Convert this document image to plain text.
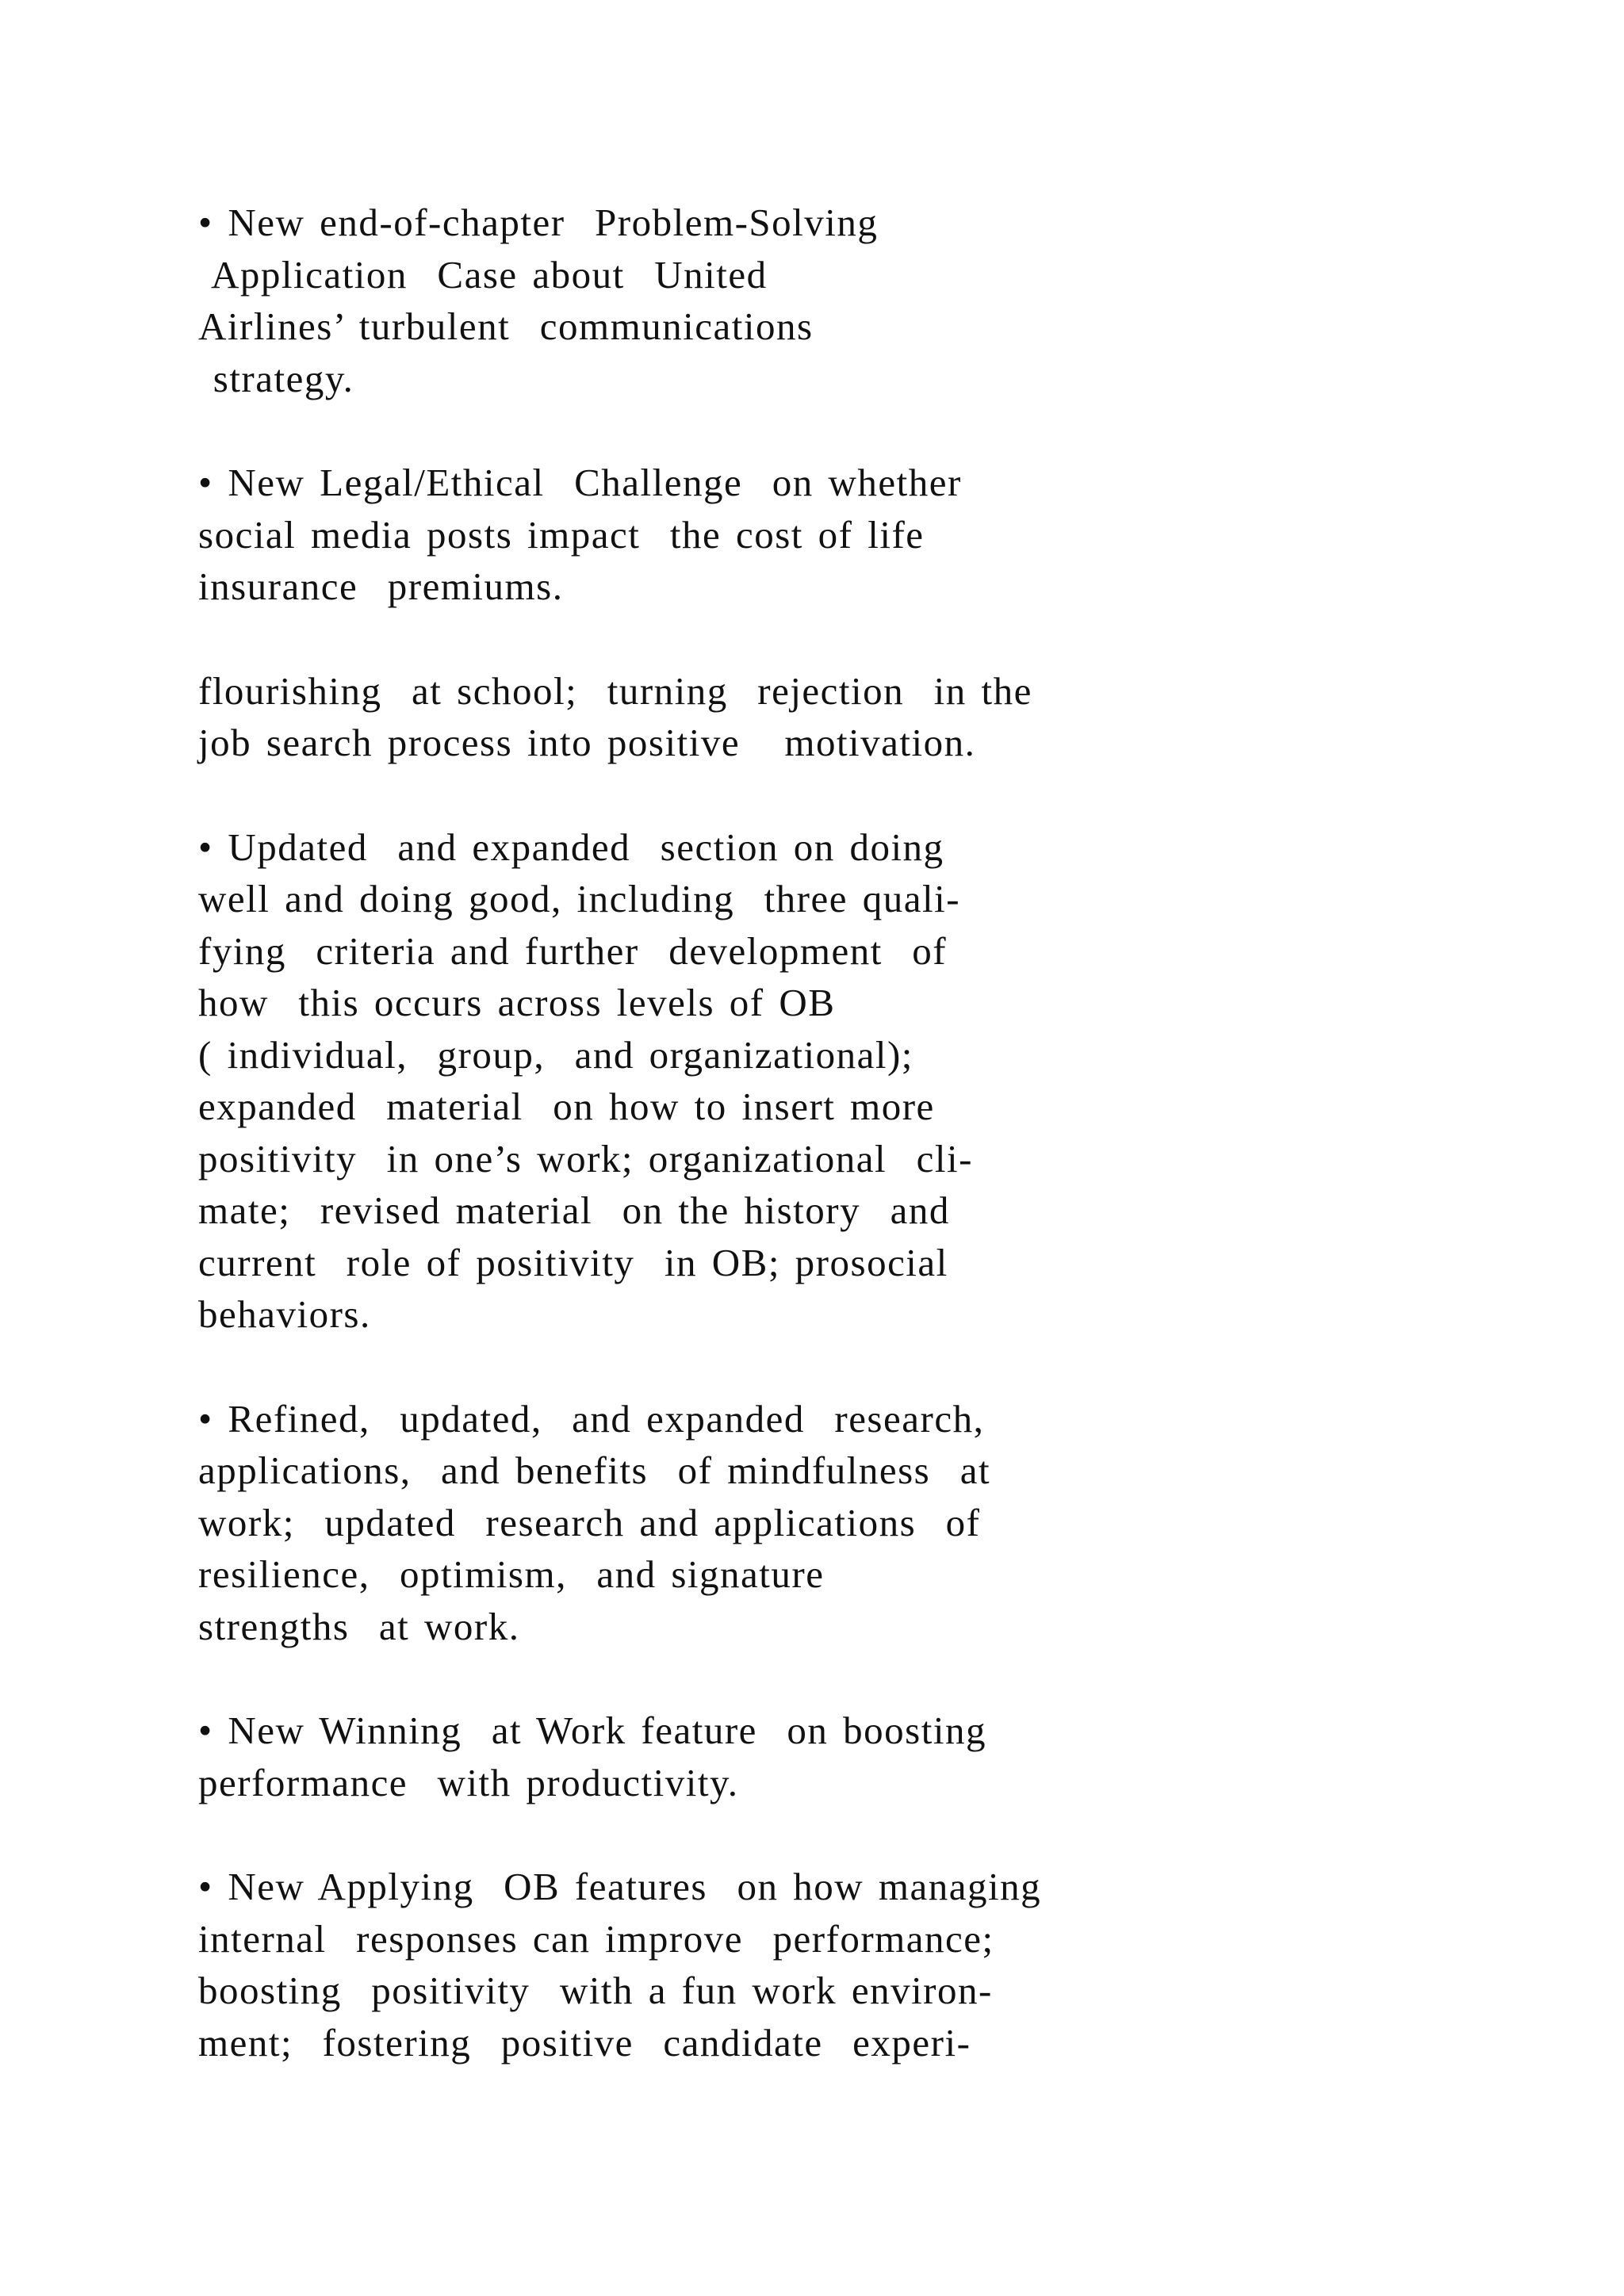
• New end-of-chapter  Problem-Solving
Application  Case about  United
Airlines’ turbulent  communications
strategy.

• New Legal/Ethical  Challenge  on whether
social media posts impact  the cost of life
insurance  premiums.

flourishing  at school;  turning  rejection  in the
job search process into positive   motivation.

• Updated  and expanded  section on doing
well and doing good, including  three quali-
fying  criteria and further  development  of
how  this occurs across levels of OB
( individual,  group,  and organizational);
expanded  material  on how to insert more
positivity  in one’s work; organizational  cli-
mate;  revised material  on the history  and
current  role of positivity  in OB; prosocial
behaviors.

• Refined,  updated,  and expanded  research,
applications,  and benefits  of mindfulness  at
work;  updated  research and applications  of
resilience,  optimism,  and signature
strengths  at work.

• New Winning  at Work feature  on boosting
performance  with productivity.

• New Applying  OB features  on how managing
internal  responses can improve  performance;
boosting  positivity  with a fun work environ-
ment;  fostering  positive  candidate  experi-
